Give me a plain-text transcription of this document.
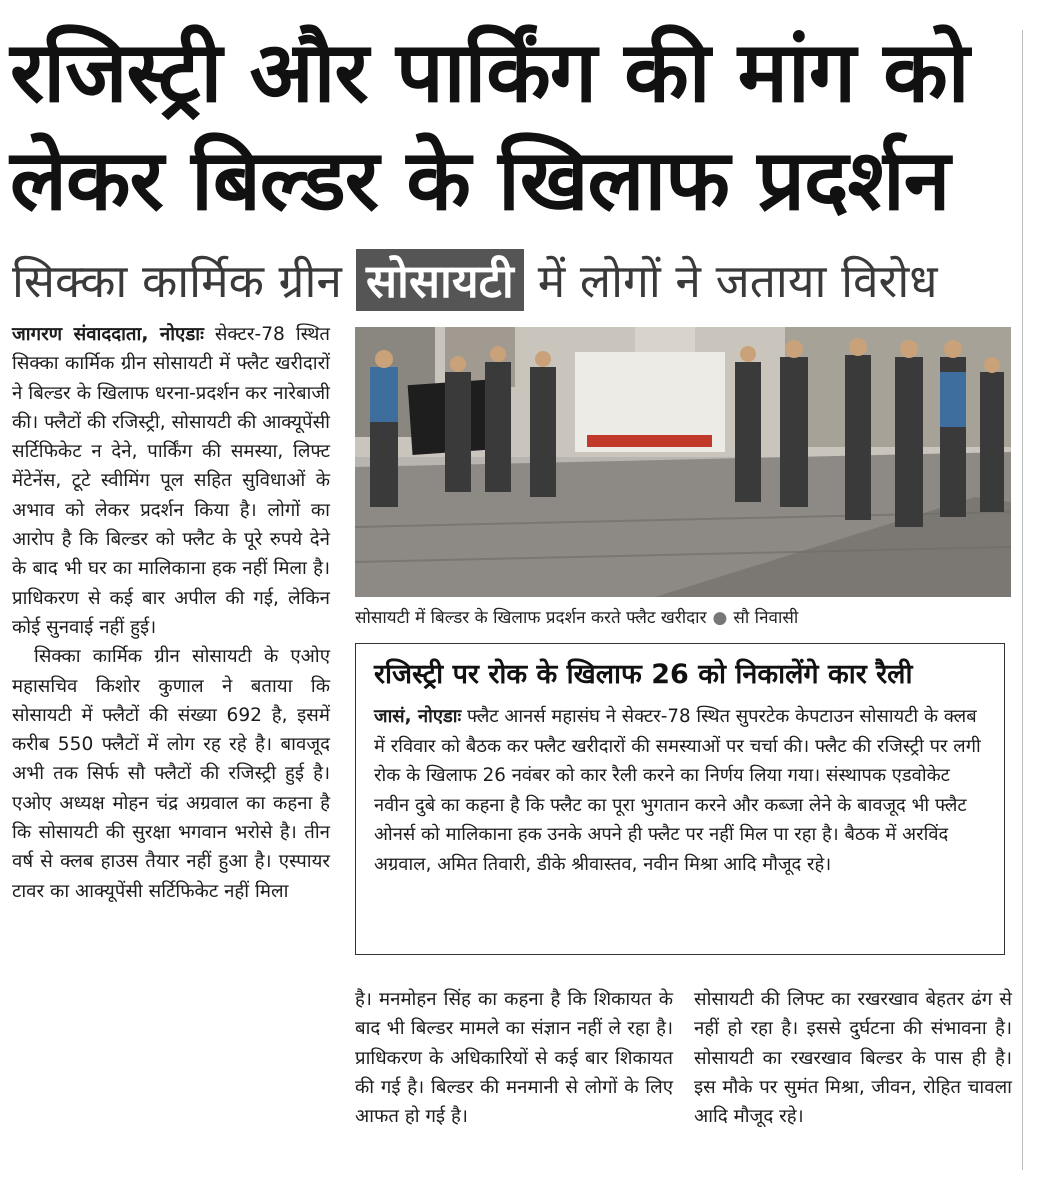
रजिस्ट्री और पार्किंग की मांग को
लेकर बिल्डर के खिलाफ प्रदर्शन
सिक्का कार्मिक ग्रीन सोसायटी में लोगों ने जताया विरोध

जागरण संवाददाता, नोएडाः सेक्टर-78 स्थित सिक्का कार्मिक ग्रीन सोसायटी में फ्लैट खरीदारों ने बिल्डर के खिलाफ धरना-प्रदर्शन कर नारेबाजी की। फ्लैटों की रजिस्ट्री, सोसायटी की आक्यूपेंसी सर्टिफिकेट न देने, पार्किंग की समस्या, लिफ्ट मेंटेनेंस, टूटे स्वीमिंग पूल सहित सुविधाओं के अभाव को लेकर प्रदर्शन किया है। लोगों का आरोप है कि बिल्डर को फ्लैट के पूरे रुपये देने के बाद भी घर का मालिकाना हक नहीं मिला है। प्राधिकरण से कई बार अपील की गई, लेकिन कोई सुनवाई नहीं हुई।

सिक्का कार्मिक ग्रीन सोसायटी के एओए महासचिव किशोर कुणाल ने बताया कि सोसायटी में फ्लैटों की संख्या 692 है, इसमें करीब 550 फ्लैटों में लोग रह रहे है। बावजूद अभी तक सिर्फ सौ फ्लैटों की रजिस्ट्री हुई है। एओए अध्यक्ष मोहन चंद्र अग्रवाल का कहना है कि सोसायटी की सुरक्षा भगवान भरोसे है। तीन वर्ष से क्लब हाउस तैयार नहीं हुआ है। एस्पायर टावर का आक्यूपेंसी सर्टिफिकेट नहीं मिला

सोसायटी में बिल्डर के खिलाफ प्रदर्शन करते फ्लैट खरीदार ● सौ निवासी
रजिस्ट्री पर रोक के खिलाफ 26 को निकालेंगे कार रैली
जासं, नोएडाः फ्लैट आनर्स महासंघ ने सेक्टर-78 स्थित सुपरटेक केपटाउन सोसायटी के क्लब में रविवार को बैठक कर फ्लैट खरीदारों की समस्याओं पर चर्चा की। फ्लैट की रजिस्ट्री पर लगी रोक के खिलाफ 26 नवंबर को कार रैली करने का निर्णय लिया गया। संस्थापक एडवोकेट नवीन दुबे का कहना है कि फ्लैट का पूरा भुगतान करने और कब्जा लेने के बावजूद भी फ्लैट ओनर्स को मालिकाना हक उनके अपने ही फ्लैट पर नहीं मिल पा रहा है। बैठक में अरविंद अग्रवाल, अमित तिवारी, डीके श्रीवास्तव, नवीन मिश्रा आदि मौजूद रहे।

है। मनमोहन सिंह का कहना है कि शिकायत के बाद भी बिल्डर मामले का संज्ञान नहीं ले रहा है। प्राधिकरण के अधिकारियों से कई बार शिकायत की गई है। बिल्डर की मनमानी से लोगों के लिए आफत हो गई है।

सोसायटी की लिफ्ट का रखरखाव बेहतर ढंग से नहीं हो रहा है। इससे दुर्घटना की संभावना है। सोसायटी का रखरखाव बिल्डर के पास ही है। इस मौके पर सुमंत मिश्रा, जीवन, रोहित चावला आदि मौजूद रहे।
